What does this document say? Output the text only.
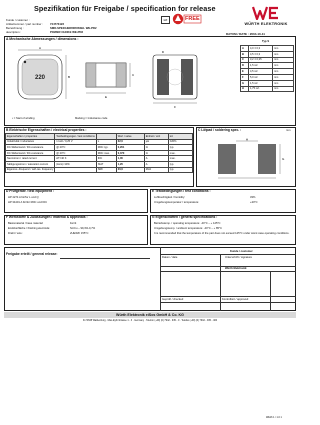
Spezifikation für Freigabe / specification for release
Kunde / customer :
Artikelnummer / part number :	744773122
Bezeichnung :	SMD-SPEICHERDROSSEL WE-PD2
description :	POWER CHOKE WE-PD2
LF	FREE
WÜRTH ELEKTRONIK
DATUM / DATE : 2004-10-11
A Mechanische Abmessungen / dimensions :
220
A
B
E
C
F
D
• = Start of winding	Marking = Inductance code
Typ S
A	4,0 ± 0,3	mm
B	4,5 ± 0,3	mm
C	3,2 ± 0,35	mm
D	1,5 ref.	mm
E	4,5 ref.	mm
F	5,0 ref.	mm
G	1,5 ref.	mm
H	1,75 ref.	mm
B Elektrische Eigenschaften / electrical properties :
Eigenschaften / properties	Testbedingungen / test conditions		Wert / value	Einheit / unit	tol.
Induktivität / inductance	1 kHz / 0,25 V	L	22,0	µH	±20%
DC-Widerstand / DC-resistance	@ 20°C	RDC typ.	0,261	Ω	typ.
DC-Widerstand / DC-resistance	@ 20°C	RDC max.	0,370	Ω	max.
Nennstrom / rated current	ΔT=40 K	IDC	1,00	A	max.
Sättigungsstrom / saturation current	|ΔL/L|<10%	ISAT	1,20	A	typ.
Eigenres.-Frequenz / self-res. frequency		SRF	20,0	MHz	typ.
C Lötpad / soldering spec. :
G
H
mm
D Prüfgeräte / test equipment :
HP 4274 A für/for L und Q
HP 34401 A für/for RDC und IDC
E Testbedingungen / test conditions :
Luftfeuchtigkeit / humidity:	33%
Umgebungstemperatur / temperature:	+20°C
F Werkstoffe & Zulassungen / material & approvals :
Basismaterial / base material:	Ferrit
Endoberfläche / finishing electrode:	Sn/Cu – 99,3%-0,7%
Draht / wire:	2UEW/F 155°C
G Eigenschaften / general specifications :
Betriebstemp. / operating temperature: -40°C – + 125°C
Umgebungstemp. / ambient temperature: -40°C – + 85°C
It is recommended that the temperature of the part does not exceed 125°C under worst case operating conditions.
Freigabe erteilt / general release:
Kunde / customer
Datum / date	Unterschrift / signature
Würth Elektronik
Geprüft / checked	Kontrolliert / approved
Würth Elektronik eiSos GmbH & Co. KG
D-74638 Waldenburg · Max-Eyth-Strasse 1 - 3 · Germany · Telefon (+49) (0) 7942 - 945 - 0 · Telefax (+49) (0) 7942 - 945 - 400
WE16 1 / 1.0 1
